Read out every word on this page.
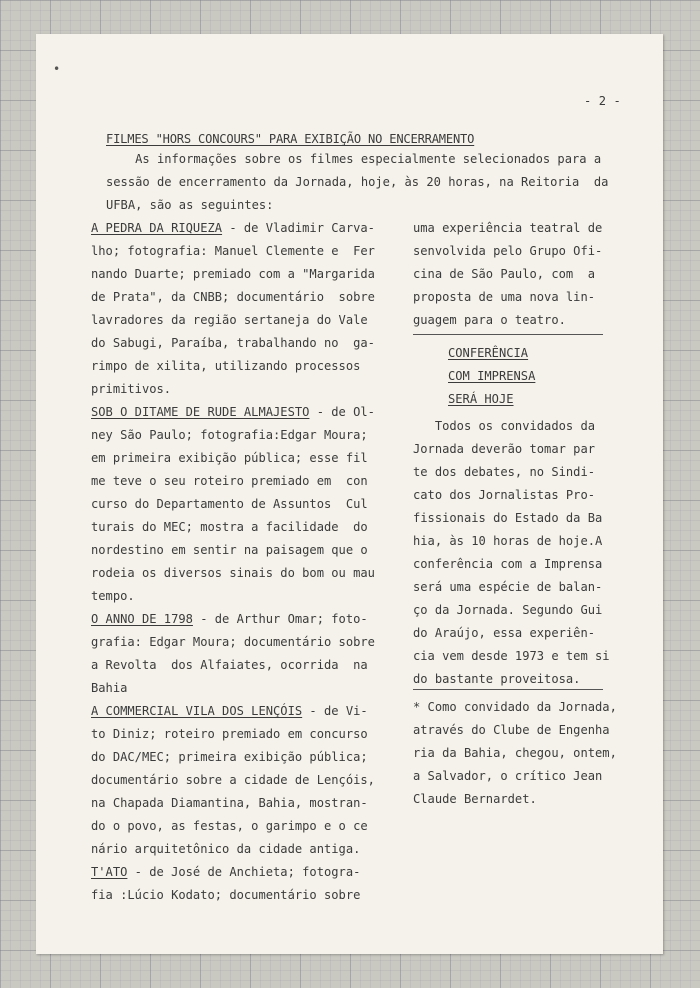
•
- 2 -
FILMES "HORS CONCOURS" PARA EXIBIÇÃO NO ENCERRAMENTO
As informações sobre os filmes especialmente selecionados para a
sessão de encerramento da Jornada, hoje, às 20 horas, na Reitoria  da
UFBA, são as seguintes:
A PEDRA DA RIQUEZA - de Vladimir Carva-
lho; fotografia: Manuel Clemente e  Fer
nando Duarte; premiado com a "Margarida
de Prata", da CNBB; documentário  sobre
lavradores da região sertaneja do Vale
do Sabugi, Paraíba, trabalhando no  ga-
rimpo de xilita, utilizando processos
primitivos.
SOB O DITAME DE RUDE ALMAJESTO - de Ol-
ney São Paulo; fotografia:Edgar Moura;
em primeira exibição pública; esse fil
me teve o seu roteiro premiado em  con
curso do Departamento de Assuntos  Cul
turais do MEC; mostra a facilidade  do
nordestino em sentir na paisagem que o
rodeia os diversos sinais do bom ou mau
tempo.
O ANNO DE 1798 - de Arthur Omar; foto-
grafia: Edgar Moura; documentário sobre
a Revolta  dos Alfaiates, ocorrida  na
Bahia
A COMMERCIAL VILA DOS LENÇÓIS - de Vi-
to Diniz; roteiro premiado em concurso
do DAC/MEC; primeira exibição pública;
documentário sobre a cidade de Lençóis,
na Chapada Diamantina, Bahia, mostran-
do o povo, as festas, o garimpo e o ce
nário arquitetônico da cidade antiga.
T'ATO - de José de Anchieta; fotogra-
fia :Lúcio Kodato; documentário sobre
uma experiência teatral de
senvolvida pelo Grupo Ofi-
cina de São Paulo, com  a
proposta de uma nova lin-
guagem para o teatro.
CONFERÊNCIA
COM IMPRENSA
SERÁ HOJE
Todos os convidados da
Jornada deverão tomar par
te dos debates, no Sindi-
cato dos Jornalistas Pro-
fissionais do Estado da Ba
hia, às 10 horas de hoje.A
conferência com a Imprensa
será uma espécie de balan-
ço da Jornada. Segundo Gui
do Araújo, essa experiên-
cia vem desde 1973 e tem si
do bastante proveitosa.
* Como convidado da Jornada,
através do Clube de Engenha
ria da Bahia, chegou, ontem,
a Salvador, o crítico Jean
Claude Bernardet.
